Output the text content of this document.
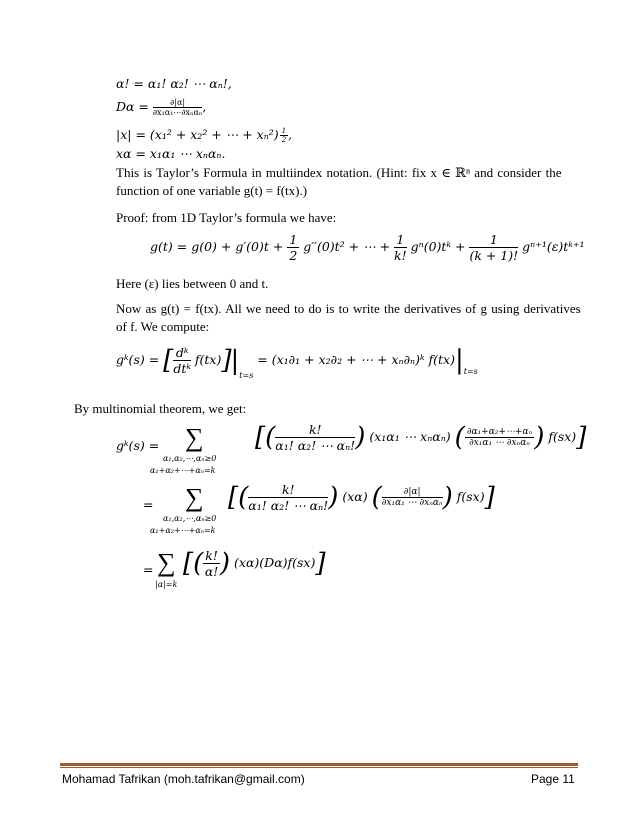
α! = α₁! α₂! ⋯ αₙ!,
$D\alpha = \frac{\partial|\alpha|}{\text{∂x₁α₁⋯∂xₙαₙ}}$ ,
|x| = (x₁² + x₂² + ⋯ + $x_n^2) \frac{1}{2}$ ,
xα = x₁α₁ ⋯ xₙαₙ.
This is Taylor’s Formula in multiindex notation. (Hint: fix x ∈ ℝⁿ and consider the
function of one variable g(t) = f(tx).)
Proof: from 1D Taylor’s formula we have:
$g(t) = g(0) + g'(0)t + \frac{1}{2} g''(0)t^2$ + ⋯ + $\frac{1}{k!}$ gⁿ(0)tᵏ + $\frac{1}{(k + 1)!}$ gⁿ⁺¹(ε)tᵏ⁺¹
Here (ε) lies between 0 and t.
Now as g(t) = f(tx). All we need to do is to write the derivatives of g using derivatives
of f. We compute:
gᵏ(s) = [ $\frac{\text{dᵏ}}{\text{dtᵏ}} f(tx)]|_{t=s} = (x_1\partial_1 + x_2\partial_2$ + ⋯ + xₙ∂ₙ)ᵏ $f(tx)|_{t=s}$
By multinomial theorem, we get:
gᵏ(s) = ∑
α₁,α₂,⋯,αₙ≥0
α₁+α₂+⋯+αₙ=k
[( $\frac{k!}{\text{α₁! α₂! ⋯ αₙ!}}$ ) (x₁α₁ ⋯ xₙαₙ) ( $\frac{\text{∂α₁+α₂+⋯+αₙ}}{\text{∂x₁α₁ ⋯ ∂xₙαₙ}}$ ) f(sx)]
= ∑
α₁,α₂,⋯,αₙ≥0
α₁+α₂+⋯+αₙ=k
[( $\frac{k!}{\text{α₁! α₂! ⋯ αₙ!}}$ ) (xα) ( $\frac{\partial|\alpha|}{\text{∂x₁α₁ ⋯ ∂xₙαₙ}}$ ) f(sx)]
= ∑
|α|=k
[( $\frac{k!}{\alpha!}$ ) (xα)(Dα)f(sx)]
Mohamad Tafrikan (moh.tafrikan@gmail.com)	Page 11
